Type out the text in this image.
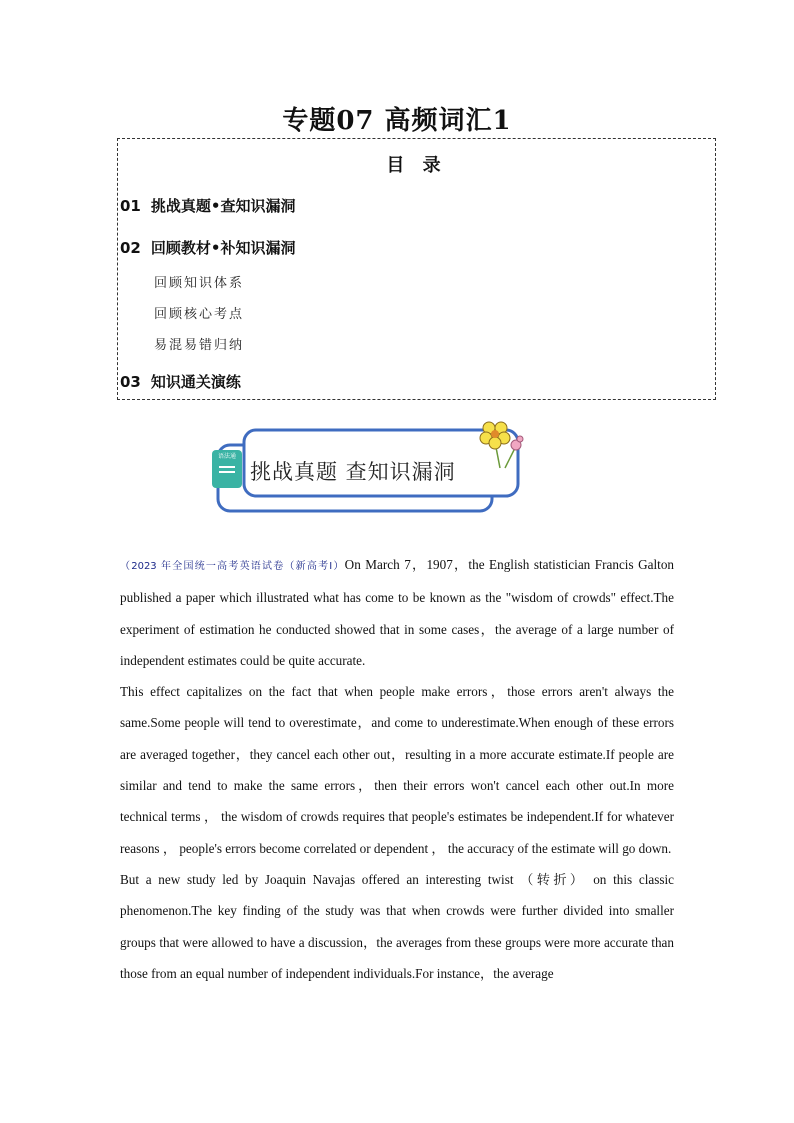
专题07 高频词汇1
目 录
01 挑战真题•查知识漏洞
02 回顾教材•补知识漏洞
回顾知识体系
回顾核心考点
易混易错归纳
03 知识通关演练
语法通
挑战真题 查知识漏洞

（2023 年全国统一高考英语试卷（新高考Ⅰ）On March 7，1907，the English statistician Francis Galton published a paper which illustrated what has come to be known as the "wisdom of crowds" effect.The experiment of estimation he conducted showed that in some cases，the average of a large number of independent estimates could be quite accurate.

This effect capitalizes on the fact that when people make errors，those errors aren't always the same.Some people will tend to overestimate，and come to underestimate.When enough of these errors are averaged together，they cancel each other out，resulting in a more accurate estimate.If people are similar and tend to make the same errors，then their errors won't cancel each other out.In more technical terms ， the wisdom of crowds requires that people's estimates be independent.If for whatever reasons ， people's errors become correlated or dependent ， the accuracy of the estimate will go down.

But a new study led by Joaquin Navajas offered an interesting twist （转折） on this classic phenomenon.The key finding of the study was that when crowds were further divided into smaller groups that were allowed to have a discussion，the averages from these groups were more accurate than those from an equal number of independent individuals.For instance，the average
